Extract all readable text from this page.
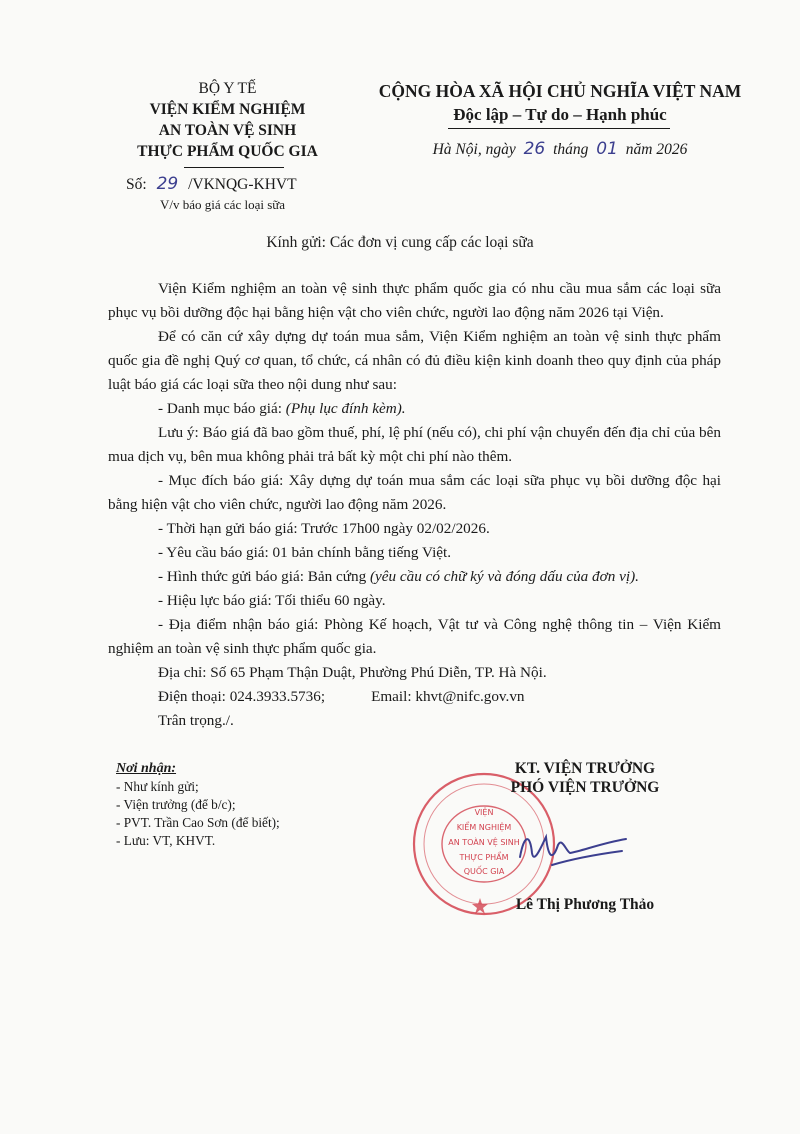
BỘ Y TẾ
VIỆN KIỂM NGHIỆM
AN TOÀN VỆ SINH
THỰC PHẨM QUỐC GIA
Số: 29 /VKNQG-KHVT
V/v báo giá các loại sữa
CỘNG HÒA XÃ HỘI CHỦ NGHĨA VIỆT NAM
Độc lập – Tự do – Hạnh phúc
Hà Nội, ngày 26 tháng 01 năm 2026
Kính gửi: Các đơn vị cung cấp các loại sữa

Viện Kiểm nghiệm an toàn vệ sinh thực phẩm quốc gia có nhu cầu mua sắm các loại sữa phục vụ bồi dưỡng độc hại bằng hiện vật cho viên chức, người lao động năm 2026 tại Viện.

Để có căn cứ xây dựng dự toán mua sắm, Viện Kiểm nghiệm an toàn vệ sinh thực phẩm quốc gia đề nghị Quý cơ quan, tổ chức, cá nhân có đủ điều kiện kinh doanh theo quy định của pháp luật báo giá các loại sữa theo nội dung như sau:

- Danh mục báo giá: (Phụ lục đính kèm).

Lưu ý: Báo giá đã bao gồm thuế, phí, lệ phí (nếu có), chi phí vận chuyển đến địa chỉ của bên mua dịch vụ, bên mua không phải trả bất kỳ một chi phí nào thêm.

- Mục đích báo giá: Xây dựng dự toán mua sắm các loại sữa phục vụ bồi dưỡng độc hại bằng hiện vật cho viên chức, người lao động năm 2026.

- Thời hạn gửi báo giá: Trước 17h00 ngày 02/02/2026.

- Yêu cầu báo giá: 01 bản chính bằng tiếng Việt.

- Hình thức gửi báo giá: Bản cứng (yêu cầu có chữ ký và đóng dấu của đơn vị).

- Hiệu lực báo giá: Tối thiểu 60 ngày.

- Địa điểm nhận báo giá: Phòng Kế hoạch, Vật tư và Công nghệ thông tin – Viện Kiểm nghiệm an toàn vệ sinh thực phẩm quốc gia.

Địa chỉ: Số 65 Phạm Thận Duật, Phường Phú Diễn, TP. Hà Nội.

Điện thoại: 024.3933.5736;	Email: khvt@nifc.gov.vn

Trân trọng./.

Nơi nhận:
- Như kính gửi;
- Viện trưởng (để b/c);
- PVT. Trần Cao Sơn (để biết);
- Lưu: VT, KHVT.
VIỆN
KIỂM NGHIỆM
AN TOÀN VỆ SINH
THỰC PHẨM
QUỐC GIA
KT. VIỆN TRƯỞNG
PHÓ VIỆN TRƯỞNG
Lê Thị Phương Thảo
